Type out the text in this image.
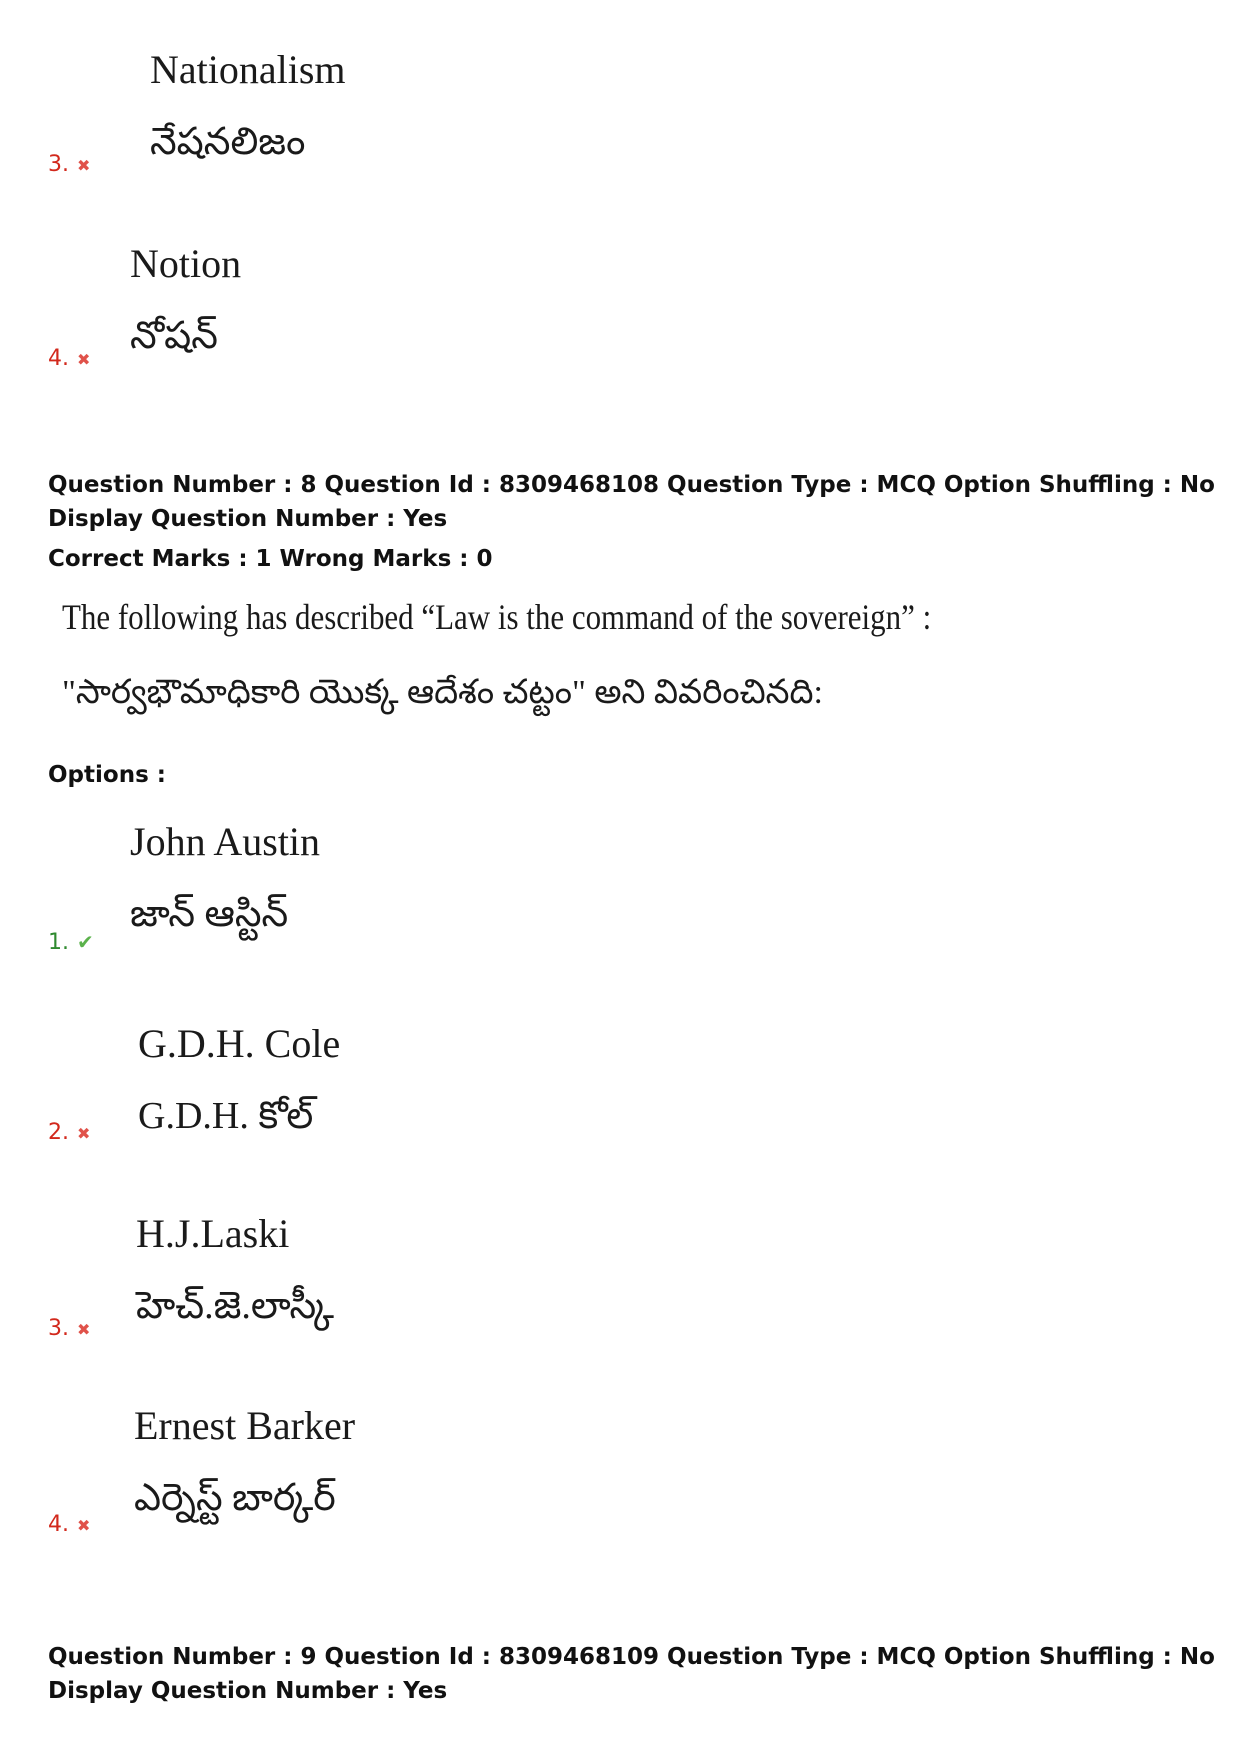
Nationalism
నేషనలిజం
3. ✖
Notion
నోషన్
4. ✖
Question Number : 8 Question Id : 8309468108 Question Type : MCQ Option Shuffling : No
Display Question Number : Yes
Correct Marks : 1 Wrong Marks : 0
The following has described “Law is the command of the sovereign” :
"సార్వభౌమాధికారి యొక్క ఆదేశం చట్టం" అని వివరించినది:
Options :
John Austin
జాన్ ఆస్టిన్
1. ✔
G.D.H. Cole
G.D.H. కోల్
2. ✖
H.J.Laski
హెచ్.జె.లాస్కీ
3. ✖
Ernest Barker
ఎర్నెస్ట్ బార్కర్
4. ✖
Question Number : 9 Question Id : 8309468109 Question Type : MCQ Option Shuffling : No
Display Question Number : Yes
